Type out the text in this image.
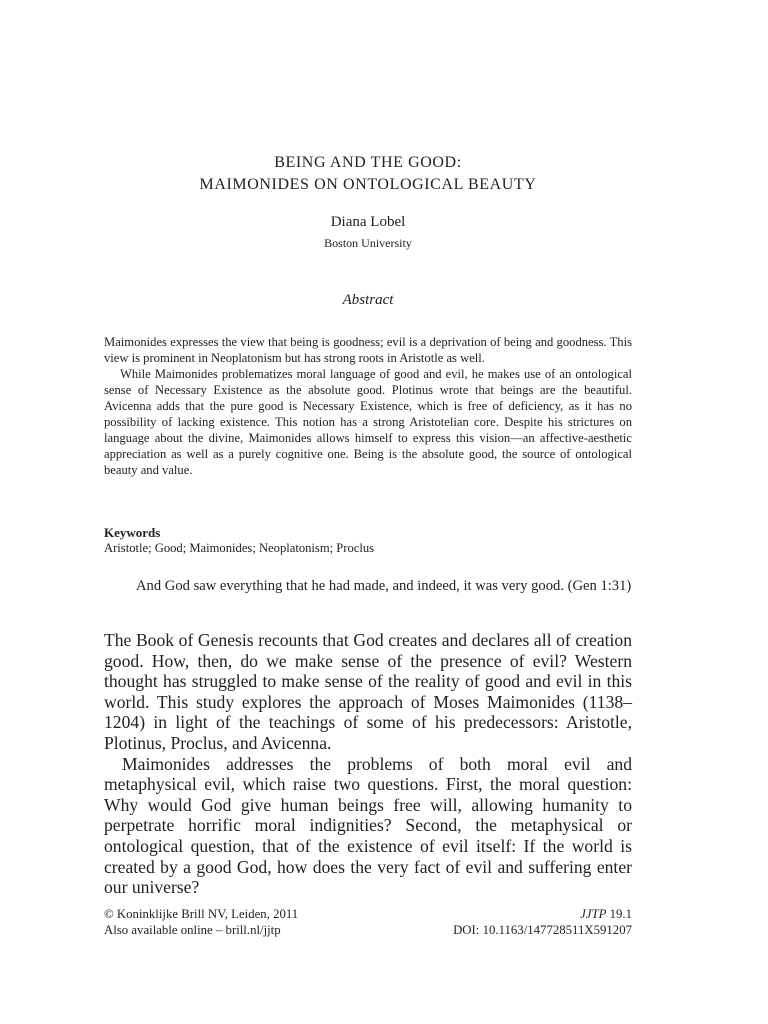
BEING AND THE GOOD:
MAIMONIDES ON ONTOLOGICAL BEAUTY
Diana Lobel
Boston University
Abstract

Maimonides expresses the view that being is goodness; evil is a deprivation of being and goodness. This view is prominent in Neoplatonism but has strong roots in Aristotle as well.

While Maimonides problematizes moral language of good and evil, he makes use of an ontological sense of Necessary Existence as the absolute good. Plotinus wrote that beings are the beautiful. Avicenna adds that the pure good is Necessary Existence, which is free of deficiency, as it has no possibility of lacking existence. This notion has a strong Aristotelian core. Despite his strictures on language about the divine, Maimonides allows himself to express this vision—an affective-aesthetic appreciation as well as a purely cognitive one. Being is the absolute good, the source of ontological beauty and value.

Keywords
Aristotle; Good; Maimonides; Neoplatonism; Proclus
And God saw everything that he had made, and indeed, it was very good. (Gen 1:31)

The Book of Genesis recounts that God creates and declares all of creation good. How, then, do we make sense of the presence of evil? Western thought has struggled to make sense of the reality of good and evil in this world. This study explores the approach of Moses Maimonides (1138–1204) in light of the teachings of some of his predecessors: Aristotle, Plotinus, Proclus, and Avicenna.

Maimonides addresses the problems of both moral evil and metaphysical evil, which raise two questions. First, the moral question: Why would God give human beings free will, allowing humanity to perpetrate horrific moral indignities? Second, the metaphysical or ontological question, that of the existence of evil itself: If the world is created by a good God, how does the very fact of evil and suffering enter our universe?

© Koninklijke Brill NV, Leiden, 2011	JJTP 19.1
Also available online – brill.nl/jjtp	DOI: 10.1163/147728511X591207
